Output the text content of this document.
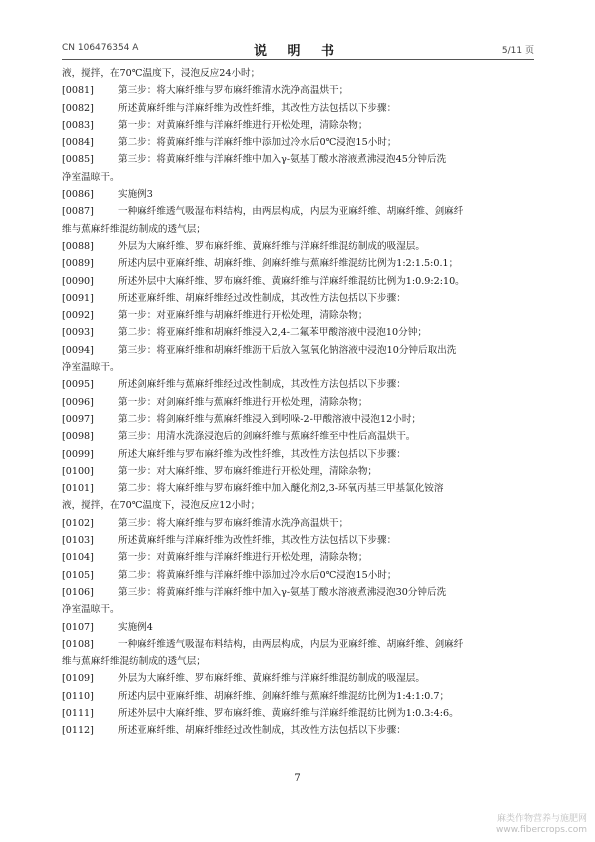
CN 106476354 A	说 明 书	5/11 页
液，搅拌，在70℃温度下，浸泡反应24小时；
[0081]	第三步：将大麻纤维与罗布麻纤维清水洗净高温烘干；
[0082]	所述黄麻纤维与洋麻纤维为改性纤维，其改性方法包括以下步骤：
[0083]	第一步：对黄麻纤维与洋麻纤维进行开松处理，清除杂物；
[0084]	第二步：将黄麻纤维与洋麻纤维中添加过冷水后0℃浸泡15小时；
[0085]	第三步：将黄麻纤维与洋麻纤维中加入γ-氨基丁酸水溶液煮沸浸泡45分钟后洗
净室温晾干。
[0086]	实施例3
[0087]	一种麻纤维透气吸湿布料结构，由两层构成，内层为亚麻纤维、胡麻纤维、剑麻纤
维与蕉麻纤维混纺制成的透气层；
[0088]	外层为大麻纤维、罗布麻纤维、黄麻纤维与洋麻纤维混纺制成的吸湿层。
[0089]	所述内层中亚麻纤维、胡麻纤维、剑麻纤维与蕉麻纤维混纺比例为1:2:1.5:0.1；
[0090]	所述外层中大麻纤维、罗布麻纤维、黄麻纤维与洋麻纤维混纺比例为1:0.9:2:10。
[0091]	所述亚麻纤维、胡麻纤维经过改性制成，其改性方法包括以下步骤：
[0092]	第一步：对亚麻纤维与胡麻纤维进行开松处理，清除杂物；
[0093]	第二步：将亚麻纤维和胡麻纤维浸入2,4-二氟苯甲酸溶液中浸泡10分钟；
[0094]	第三步：将亚麻纤维和胡麻纤维沥干后放入氢氧化钠溶液中浸泡10分钟后取出洗
净室温晾干。
[0095]	所述剑麻纤维与蕉麻纤维经过改性制成，其改性方法包括以下步骤：
[0096]	第一步：对剑麻纤维与蕉麻纤维进行开松处理，清除杂物；
[0097]	第二步：将剑麻纤维与蕉麻纤维浸入到吲哚-2-甲酸溶液中浸泡12小时；
[0098]	第三步：用清水洗涤浸泡后的剑麻纤维与蕉麻纤维至中性后高温烘干。
[0099]	所述大麻纤维与罗布麻纤维为改性纤维，其改性方法包括以下步骤：
[0100]	第一步：对大麻纤维、罗布麻纤维进行开松处理，清除杂物；
[0101]	第二步：将大麻纤维与罗布麻纤维中加入醚化剂2,3-环氧丙基三甲基氯化铵溶
液，搅拌，在70℃温度下，浸泡反应12小时；
[0102]	第三步：将大麻纤维与罗布麻纤维清水洗净高温烘干；
[0103]	所述黄麻纤维与洋麻纤维为改性纤维，其改性方法包括以下步骤：
[0104]	第一步：对黄麻纤维与洋麻纤维进行开松处理，清除杂物；
[0105]	第二步：将黄麻纤维与洋麻纤维中添加过冷水后0℃浸泡15小时；
[0106]	第三步：将黄麻纤维与洋麻纤维中加入γ-氨基丁酸水溶液煮沸浸泡30分钟后洗
净室温晾干。
[0107]	实施例4
[0108]	一种麻纤维透气吸湿布料结构，由两层构成，内层为亚麻纤维、胡麻纤维、剑麻纤
维与蕉麻纤维混纺制成的透气层；
[0109]	外层为大麻纤维、罗布麻纤维、黄麻纤维与洋麻纤维混纺制成的吸湿层。
[0110]	所述内层中亚麻纤维、胡麻纤维、剑麻纤维与蕉麻纤维混纺比例为1:4:1:0.7；
[0111]	所述外层中大麻纤维、罗布麻纤维、黄麻纤维与洋麻纤维混纺比例为1:0.3:4:6。
[0112]	所述亚麻纤维、胡麻纤维经过改性制成，其改性方法包括以下步骤：
7
麻类作物营养与施肥网
www.fibercrops.com
